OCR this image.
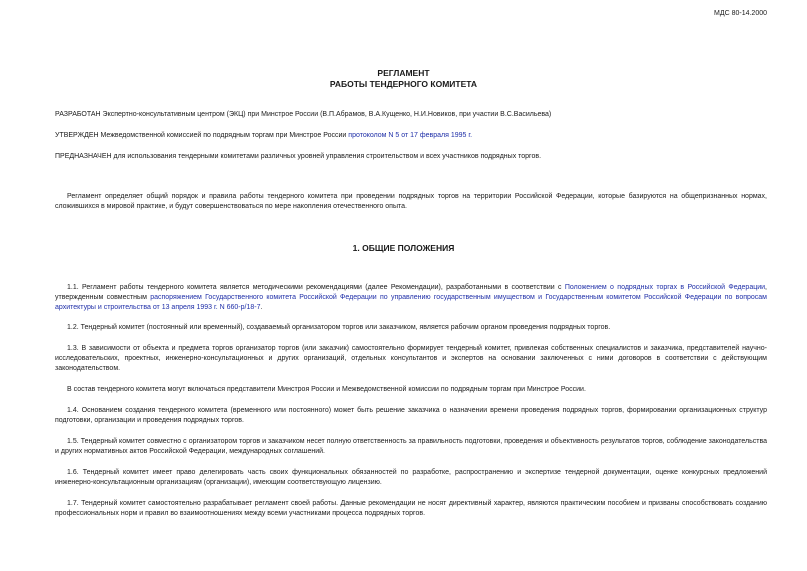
МДС 80-14.2000
РЕГЛАМЕНТ
РАБОТЫ ТЕНДЕРНОГО КОМИТЕТА
РАЗРАБОТАН Экспертно-консультативным центром (ЭКЦ) при Минстрое России (В.П.Абрамов, В.А.Кущенко, Н.И.Новиков, при участии В.С.Васильева)
УТВЕРЖДЕН Межведомственной комиссией по подрядным торгам при Минстрое России протоколом N 5 от 17 февраля 1995 г.
ПРЕДНАЗНАЧЕН для использования тендерными комитетами различных уровней управления строительством и всех участников подрядных торгов.
Регламент определяет общий порядок и правила работы тендерного комитета при проведении подрядных торгов на территории Российской Федерации, которые базируются на общепризнанных нормах, сложившихся в мировой практике, и будут совершенствоваться по мере накопления отечественного опыта.
1. ОБЩИЕ ПОЛОЖЕНИЯ
1.1. Регламент работы тендерного комитета является методическими рекомендациями (далее Рекомендации), разработанными в соответствии с Положением о подрядных торгах в Российской Федерации, утвержденным совместным распоряжением Государственного комитета Российской Федерации по управлению государственным имуществом и Государственным комитетом Российской Федерации по вопросам архитектуры и строительства от 13 апреля 1993 г. N 660-р/18-7.
1.2. Тендерный комитет (постоянный или временный), создаваемый организатором торгов или заказчиком, является рабочим органом проведения подрядных торгов.
1.3. В зависимости от объекта и предмета торгов организатор торгов (или заказчик) самостоятельно формирует тендерный комитет, привлекая собственных специалистов и заказчика, представителей научно-исследовательских, проектных, инженерно-консультационных и других организаций, отдельных консультантов и экспертов на основании заключенных с ними договоров в соответствии с действующим законодательством.
В состав тендерного комитета могут включаться представители Минстроя России и Межведомственной комиссии по подрядным торгам при Минстрое России.
1.4. Основанием создания тендерного комитета (временного или постоянного) может быть решение заказчика о назначении времени проведения подрядных торгов, формировании организационных структур подготовки, организации и проведения подрядных торгов.
1.5. Тендерный комитет совместно с организатором торгов и заказчиком несет полную ответственность за правильность подготовки, проведения и объективность результатов торгов, соблюдение законодательства и других нормативных актов Российской Федерации, международных соглашений.
1.6. Тендерный комитет имеет право делегировать часть своих функциональных обязанностей по разработке, распространению и экспертизе тендерной документации, оценке конкурсных предложений инженерно-консультационным организациям (организации), имеющим соответствующую лицензию.
1.7. Тендерный комитет самостоятельно разрабатывает регламент своей работы. Данные рекомендации не носят директивный характер, являются практическим пособием и призваны способствовать созданию профессиональных норм и правил во взаимоотношениях между всеми участниками процесса подрядных торгов.
